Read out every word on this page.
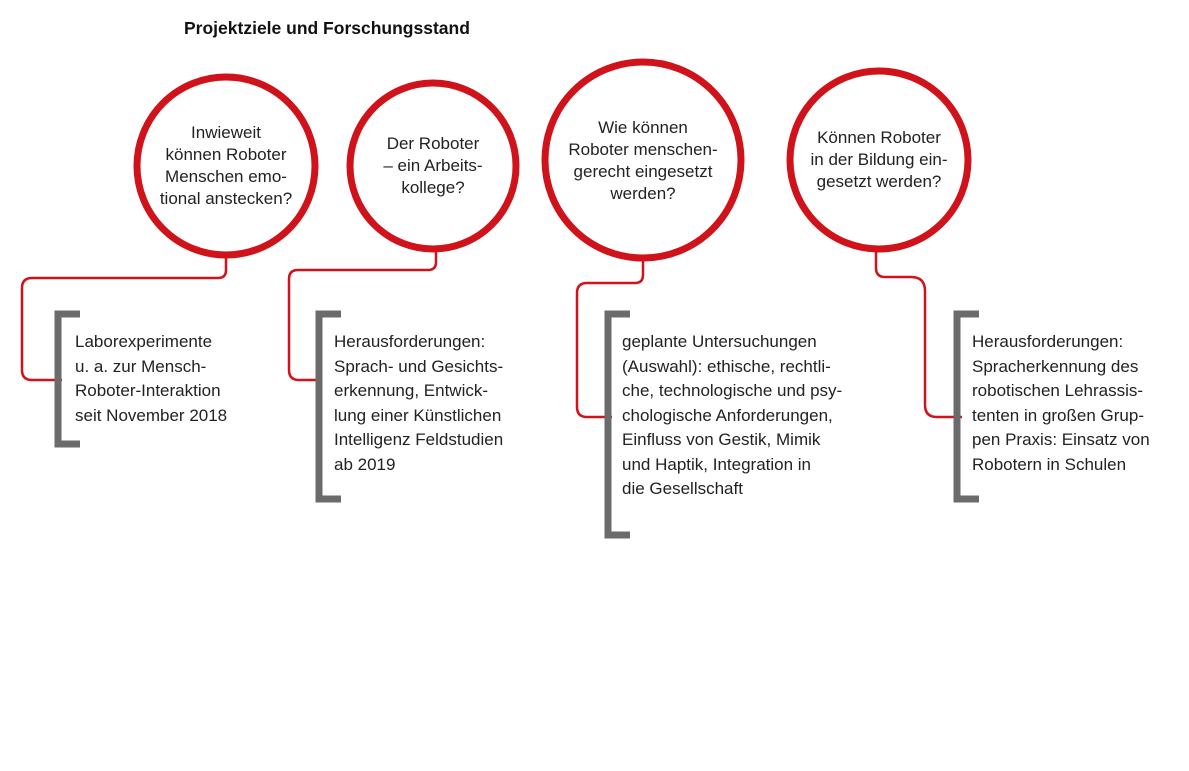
Projektziele und Forschungsstand
Inwieweit
können Roboter
Menschen emo-
tional anstecken?
Laborexperimente
u. a. zur Mensch-
Roboter-Interaktion
seit November 2018
Der Roboter
– ein Arbeits-
kollege?
Herausforderungen:
Sprach- und Gesichts-
erkennung, Entwick-
lung einer Künstlichen
Intelligenz Feldstudien
ab 2019
Wie können
Roboter menschen-
gerecht eingesetzt
werden?
geplante Untersuchungen
(Auswahl): ethische, rechtli-
che, technologische und psy-
chologische Anforderungen,
Einfluss von Gestik, Mimik
und Haptik, Integration in
die Gesellschaft
Können Roboter
in der Bildung ein-
gesetzt werden?
Herausforderungen:
Spracherkennung des
robotischen Lehrassis-
tenten in großen Grup-
pen Praxis: Einsatz von
Robotern in Schulen
